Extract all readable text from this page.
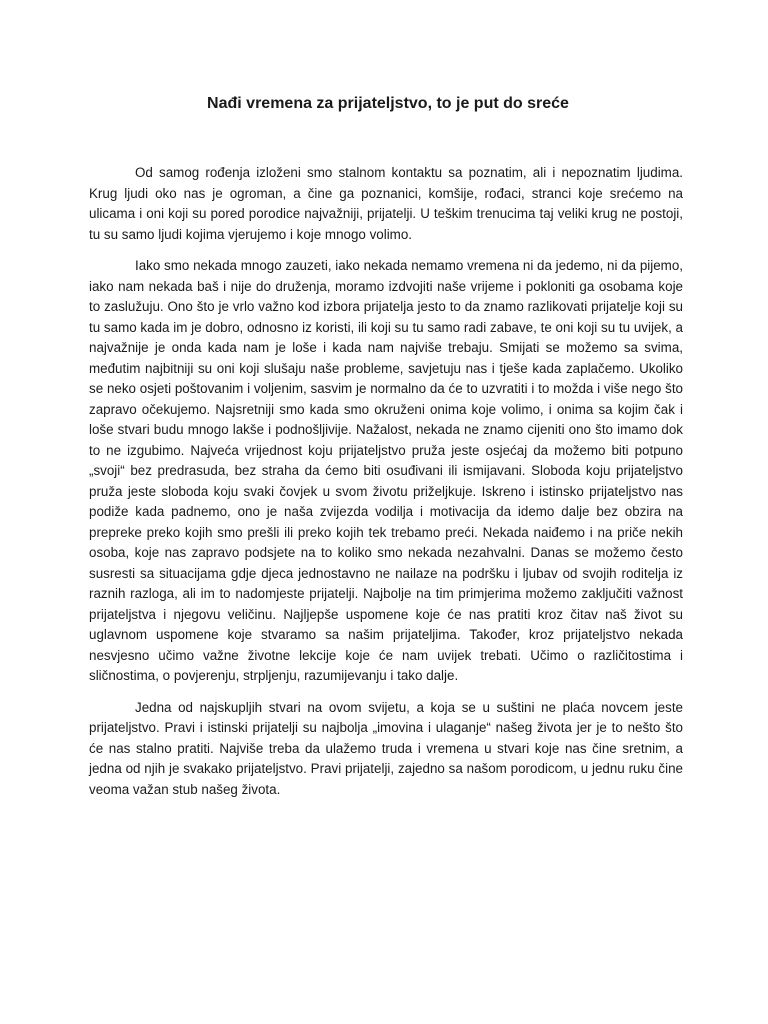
Nađi vremena za prijateljstvo, to je put do sreće

Od samog rođenja izloženi smo stalnom kontaktu sa poznatim, ali i nepoznatim ljudima. Krug ljudi oko nas je ogroman, a čine ga poznanici, komšije, rođaci, stranci koje srećemo na ulicama i oni koji su pored porodice najvažniji, prijatelji. U teškim trenucima taj veliki krug ne postoji, tu su samo ljudi kojima vjerujemo i koje mnogo volimo.

Iako smo nekada mnogo zauzeti, iako nekada nemamo vremena ni da jedemo, ni da pijemo, iako nam nekada baš i nije do druženja, moramo izdvojiti naše vrijeme i pokloniti ga osobama koje to zaslužuju. Ono što je vrlo važno kod izbora prijatelja jesto to da znamo razlikovati prijatelje koji su tu samo kada im je dobro, odnosno iz koristi, ili koji su tu samo radi zabave, te oni koji su tu uvijek, a najvažnije je onda kada nam je loše i kada nam najviše trebaju. Smijati se možemo sa svima, međutim najbitniji su oni koji slušaju naše probleme, savjetuju nas i tješe kada zaplačemo. Ukoliko se neko osjeti poštovanim i voljenim, sasvim je normalno da će to uzvratiti i to možda i više nego što zapravo očekujemo. Najsretniji smo kada smo okruženi onima koje volimo, i onima sa kojim čak i loše stvari budu mnogo lakše i podnošljivije. Nažalost, nekada ne znamo cijeniti ono što imamo dok to ne izgubimo. Najveća vrijednost koju prijateljstvo pruža jeste osjećaj da možemo biti potpuno „svoji“ bez predrasuda, bez straha da ćemo biti osuđivani ili ismijavani. Sloboda koju prijateljstvo pruža jeste sloboda koju svaki čovjek u svom životu priželjkuje. Iskreno i istinsko prijateljstvo nas podiže kada padnemo, ono je naša zvijezda vodilja i motivacija da idemo dalje bez obzira na prepreke preko kojih smo prešli ili preko kojih tek trebamo preći. Nekada naiđemo i na priče nekih osoba, koje nas zapravo podsjete na to koliko smo nekada nezahvalni. Danas se možemo često susresti sa situacijama gdje djeca jednostavno ne nailaze na podršku i ljubav od svojih roditelja iz raznih razloga, ali im to nadomjeste prijatelji. Najbolje na tim primjerima možemo zaključiti važnost prijateljstva i njegovu veličinu. Najljepše uspomene koje će nas pratiti kroz čitav naš život su uglavnom uspomene koje stvaramo sa našim prijateljima. Također, kroz prijateljstvo nekada nesvjesno učimo važne životne lekcije koje će nam uvijek trebati. Učimo o različitostima i sličnostima, o povjerenju, strpljenju, razumijevanju i tako dalje.

Jedna od najskupljih stvari na ovom svijetu, a koja se u suštini ne plaća novcem jeste prijateljstvo. Pravi i istinski prijatelji su najbolja „imovina i ulaganje“ našeg života jer je to nešto što će nas stalno pratiti. Najviše treba da ulažemo truda i vremena u stvari koje nas čine sretnim, a jedna od njih je svakako prijateljstvo. Pravi prijatelji, zajedno sa našom porodicom, u jednu ruku čine veoma važan stub našeg života.
